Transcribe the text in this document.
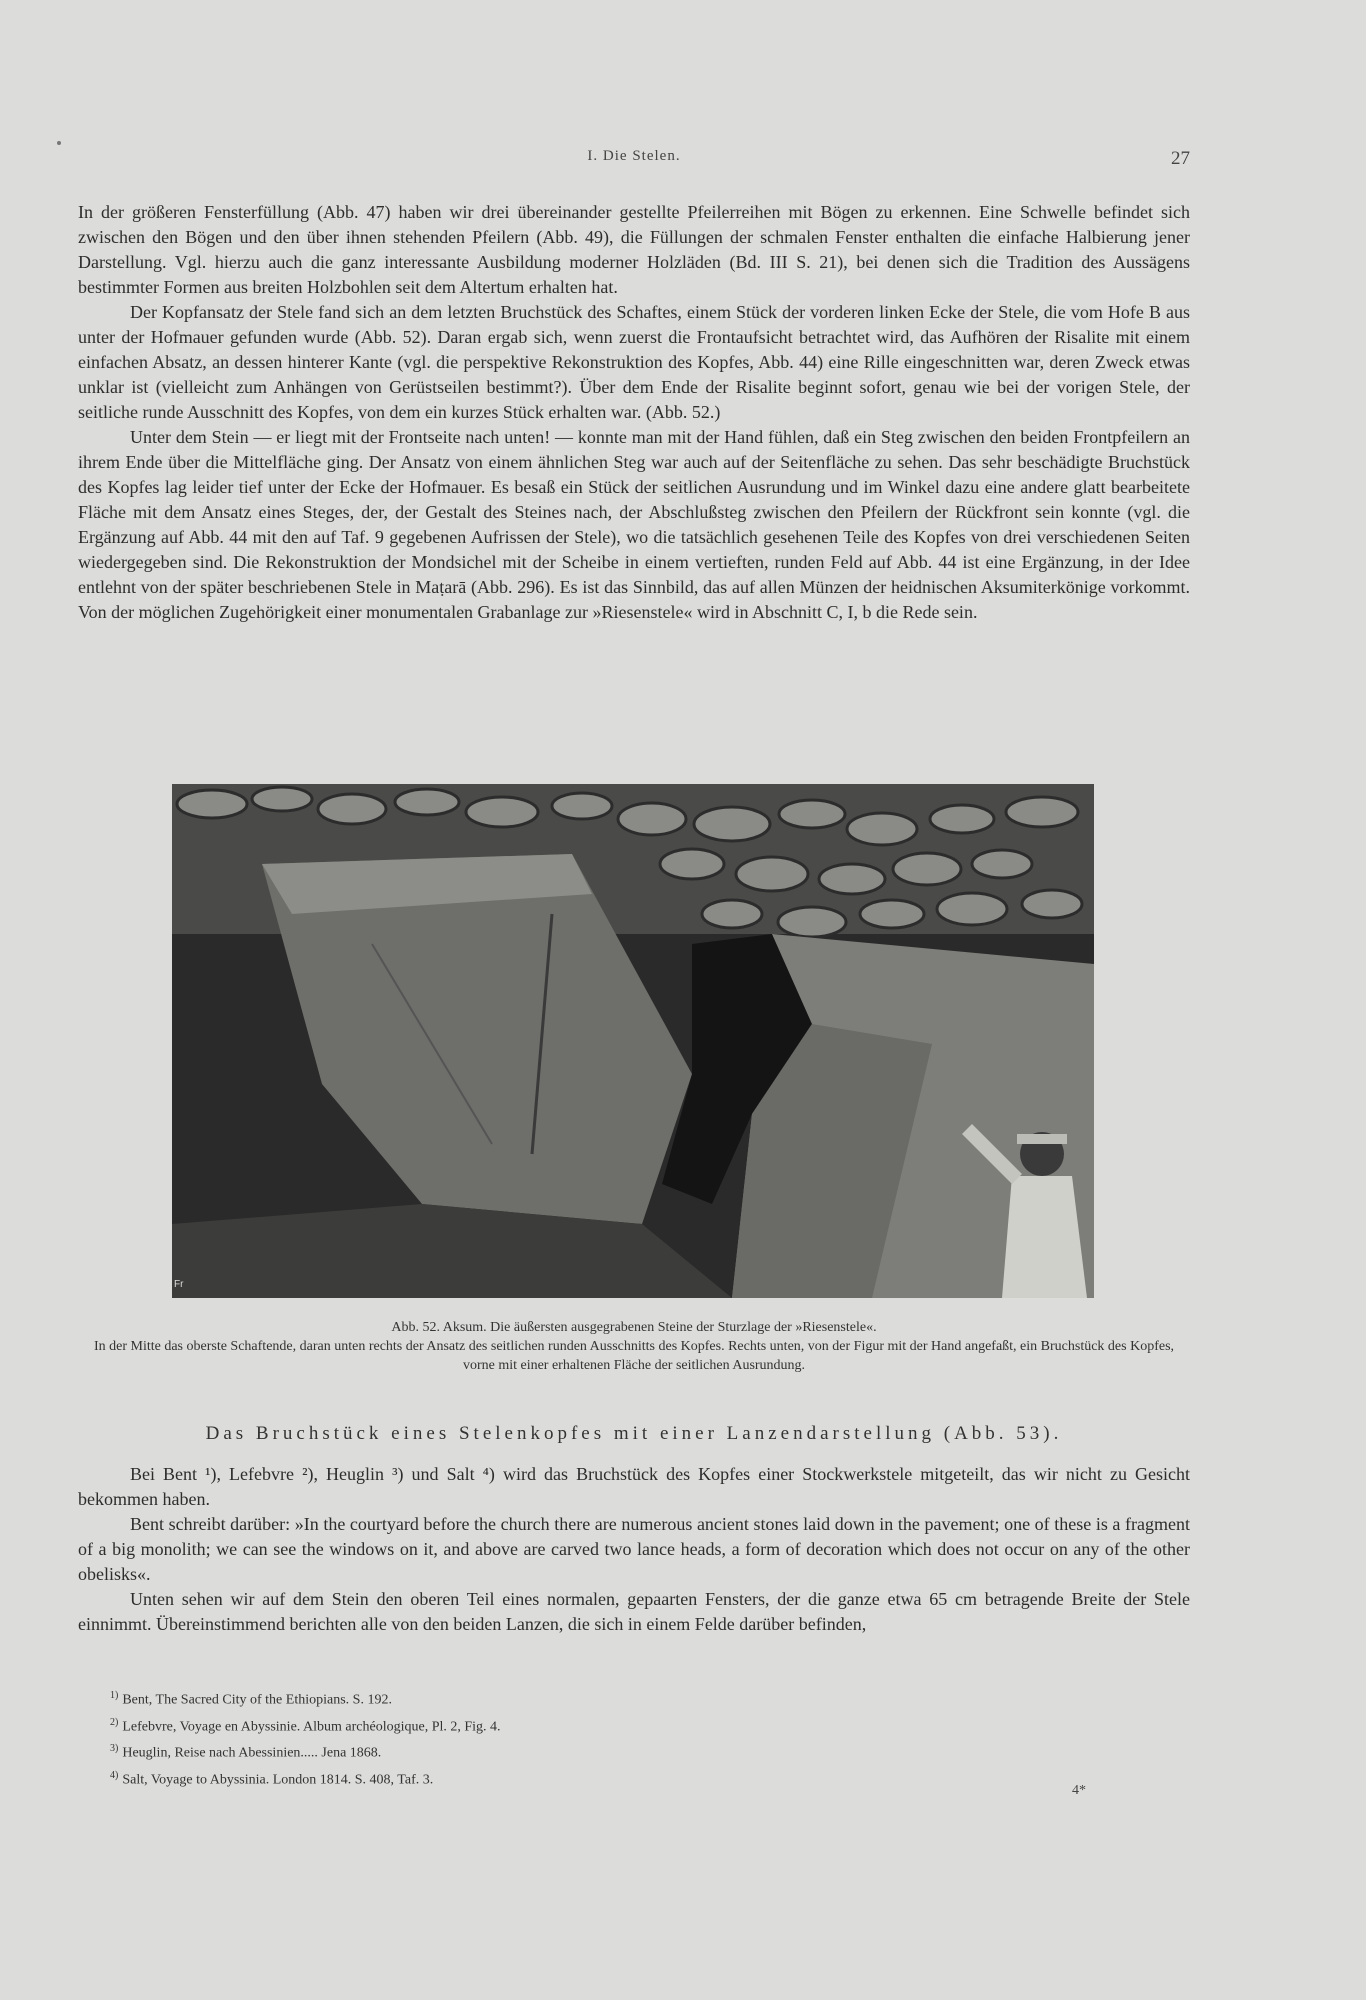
I. Die Stelen.	27

In der größeren Fensterfüllung (Abb. 47) haben wir drei übereinander gestellte Pfeilerreihen mit Bögen zu erkennen. Eine Schwelle befindet sich zwischen den Bögen und den über ihnen stehenden Pfeilern (Abb. 49), die Füllungen der schmalen Fenster enthalten die einfache Halbierung jener Darstellung. Vgl. hierzu auch die ganz interessante Ausbildung moderner Holzläden (Bd. III S. 21), bei denen sich die Tradition des Aussägens bestimmter Formen aus breiten Holzbohlen seit dem Altertum erhalten hat.

Der Kopfansatz der Stele fand sich an dem letzten Bruchstück des Schaftes, einem Stück der vorderen linken Ecke der Stele, die vom Hofe B aus unter der Hofmauer gefunden wurde (Abb. 52). Daran ergab sich, wenn zuerst die Frontaufsicht betrachtet wird, das Aufhören der Risalite mit einem einfachen Absatz, an dessen hinterer Kante (vgl. die perspektive Rekonstruktion des Kopfes, Abb. 44) eine Rille eingeschnitten war, deren Zweck etwas unklar ist (vielleicht zum Anhängen von Gerüstseilen bestimmt?). Über dem Ende der Risalite beginnt sofort, genau wie bei der vorigen Stele, der seitliche runde Ausschnitt des Kopfes, von dem ein kurzes Stück erhalten war. (Abb. 52.)

Unter dem Stein — er liegt mit der Frontseite nach unten! — konnte man mit der Hand fühlen, daß ein Steg zwischen den beiden Frontpfeilern an ihrem Ende über die Mittelfläche ging. Der Ansatz von einem ähnlichen Steg war auch auf der Seitenfläche zu sehen. Das sehr beschädigte Bruchstück des Kopfes lag leider tief unter der Ecke der Hofmauer. Es besaß ein Stück der seitlichen Ausrundung und im Winkel dazu eine andere glatt bearbeitete Fläche mit dem Ansatz eines Steges, der, der Gestalt des Steines nach, der Abschlußsteg zwischen den Pfeilern der Rückfront sein konnte (vgl. die Ergänzung auf Abb. 44 mit den auf Taf. 9 gegebenen Aufrissen der Stele), wo die tatsächlich gesehenen Teile des Kopfes von drei verschiedenen Seiten wiedergegeben sind. Die Rekonstruktion der Mondsichel mit der Scheibe in einem vertieften, runden Feld auf Abb. 44 ist eine Ergänzung, in der Idee entlehnt von der später beschriebenen Stele in Maṭarā (Abb. 296). Es ist das Sinnbild, das auf allen Münzen der heidnischen Aksumiterkönige vorkommt. Von der möglichen Zugehörigkeit einer monumentalen Grabanlage zur »Riesenstele« wird in Abschnitt C, I, b die Rede sein.

Fr

Abb. 52. Aksum. Die äußersten ausgegrabenen Steine der Sturzlage der »Riesenstele«.

In der Mitte das oberste Schaftende, daran unten rechts der Ansatz des seitlichen runden Ausschnitts des Kopfes. Rechts unten, von der Figur mit der Hand angefaßt, ein Bruchstück des Kopfes, vorne mit einer erhaltenen Fläche der seitlichen Ausrundung.

Das Bruchstück eines Stelenkopfes mit einer Lanzendarstellung (Abb. 53).

Bei Bent ¹), Lefebvre ²), Heuglin ³) und Salt ⁴) wird das Bruchstück des Kopfes einer Stockwerkstele mitgeteilt, das wir nicht zu Gesicht bekommen haben.

Bent schreibt darüber: »In the courtyard before the church there are numerous ancient stones laid down in the pavement; one of these is a fragment of a big monolith; we can see the windows on it, and above are carved two lance heads, a form of decoration which does not occur on any of the other obelisks«.

Unten sehen wir auf dem Stein den oberen Teil eines normalen, gepaarten Fensters, der die ganze etwa 65 cm betragende Breite der Stele einnimmt. Übereinstimmend berichten alle von den beiden Lanzen, die sich in einem Felde darüber befinden,

$^{1)}$ Bent, The Sacred City of the Ethiopians. S. 192.

$^{2)}$ Lefebvre, Voyage en Abyssinie. Album archéologique, Pl. 2, Fig. 4.

$^{3)}$ Heuglin, Reise nach Abessinien..... Jena 1868.

$^{4)}$ Salt, Voyage to Abyssinia. London 1814. S. 408, Taf. 3.

4*
